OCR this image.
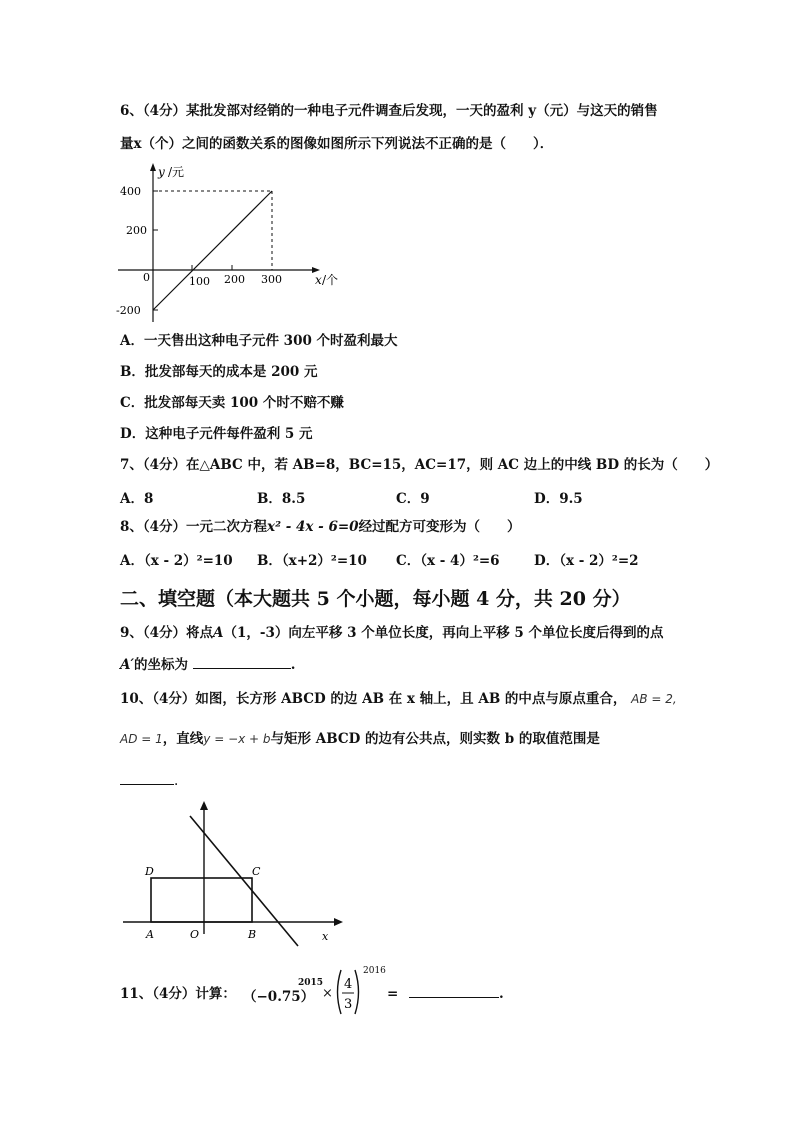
6、（4分）某批发部对经销的一种电子元件调查后发现，一天的盈利 y（元）与这天的销售
量x（个）之间的函数关系的图像如图所示下列说法不正确的是（　　）．
y /元
x /个
0
400
200
-200
100 200 300
A．一天售出这种电子元件 300 个时盈利最大
B．批发部每天的成本是 200 元
C．批发部每天卖 100 个时不赔不赚
D．这种电子元件每件盈利 5 元
7、（4分）在△ABC 中，若 AB=8，BC=15，AC=17，则 AC 边上的中线 BD 的长为（　　）
A．8	B．8.5	C．9	D．9.5
8、（4分）一元二次方程x² - 4x - 6=0经过配方可变形为（　　）
A．（x - 2）²=10 B．（x+2）²=10 C．（x - 4）²=6	D．（x - 2）²=2
二、填空题（本大题共 5 个小题，每小题 4 分，共 20 分）
9、（4分）将点A（1，-3）向左平移 3 个单位长度，再向上平移 5 个单位长度后得到的点
A′的坐标为	.
10、（4分）如图，长方形 ABCD 的边 AB 在 x 轴上，且 AB 的中点与原点重合， AB = 2,
AD = 1，直线y = −x + b与矩形 ABCD 的边有公共点，则实数 b 的取值范围是
.
D	C
A	O	B	x
11、（4分）计算： （−0.75）
2015
×
4
3
2016
=	.
